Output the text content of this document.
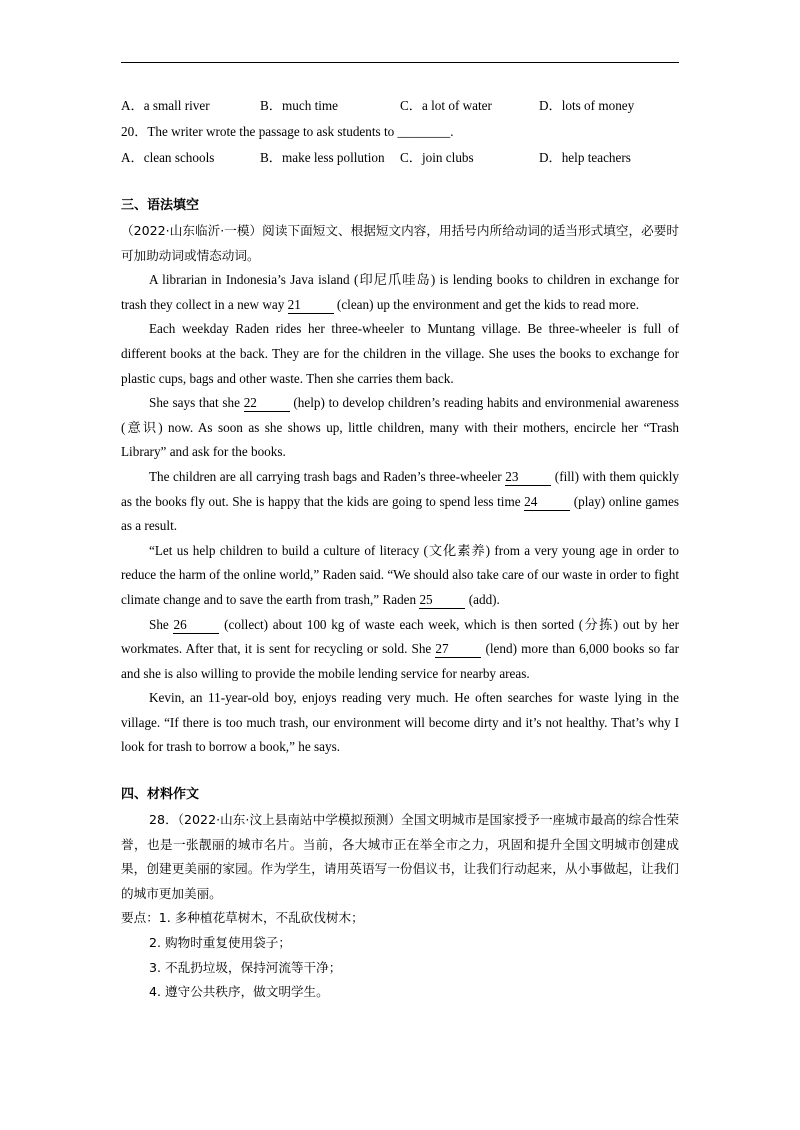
A．a small river	B．much time	C．a lot of water	D．lots of money
20．The writer wrote the passage to ask students to ________.
A．clean schools	B．make less pollution	C．join clubs	D．help teachers
三、语法填空

（2022·山东临沂·一模）阅读下面短文、根据短文内容，用括号内所给动词的适当形式填空，必要时可加助动词或情态动词。

A librarian in Indonesia’s Java island (印尼爪哇岛) is lending books to children in exchange for trash they collect in a new way 21 (clean) up the environment and get the kids to read more.

Each weekday Raden rides her three-wheeler to Muntang village. Be three-wheeler is full of different books at the back. They are for the children in the village. She uses the books to exchange for plastic cups, bags and other waste. Then she carries them back.

She says that she 22 (help) to develop children’s reading habits and environmenial awareness (意识) now. As soon as she shows up, little children, many with their mothers, encircle her “Trash Library” and ask for the books.

The children are all carrying trash bags and Raden’s three-wheeler 23 (fill) with them quickly as the books fly out. She is happy that the kids are going to spend less time 24 (play) online games as a result.

“Let us help children to build a culture of literacy (文化素养) from a very young age in order to reduce the harm of the online world,” Raden said. “We should also take care of our waste in order to fight climate change and to save the earth from trash,” Raden 25 (add).

She 26 (collect) about 100 kg of waste each week, which is then sorted (分拣) out by her workmates. After that, it is sent for recycling or sold. She 27 (lend) more than 6,000 books so far and she is also willing to provide the mobile lending service for nearby areas.

Kevin, an 11-year-old boy, enjoys reading very much. He often searches for waste lying in the village. “If there is too much trash, our environment will become dirty and it’s not healthy. That’s why I look for trash to borrow a book,” he says.

四、材料作文

28．（2022·山东·汶上县南站中学模拟预测）全国文明城市是国家授予一座城市最高的综合性荣誉，也是一张靓丽的城市名片。当前，各大城市正在举全市之力，巩固和提升全国文明城市创建成果，创建更美丽的家园。作为学生，请用英语写一份倡议书，让我们行动起来，从小事做起，让我们的城市更加美丽。

要点：1. 多种植花草树木，不乱砍伐树木；
2. 购物时重复使用袋子；
3. 不乱扔垃圾，保持河流等干净；
4. 遵守公共秩序，做文明学生。
